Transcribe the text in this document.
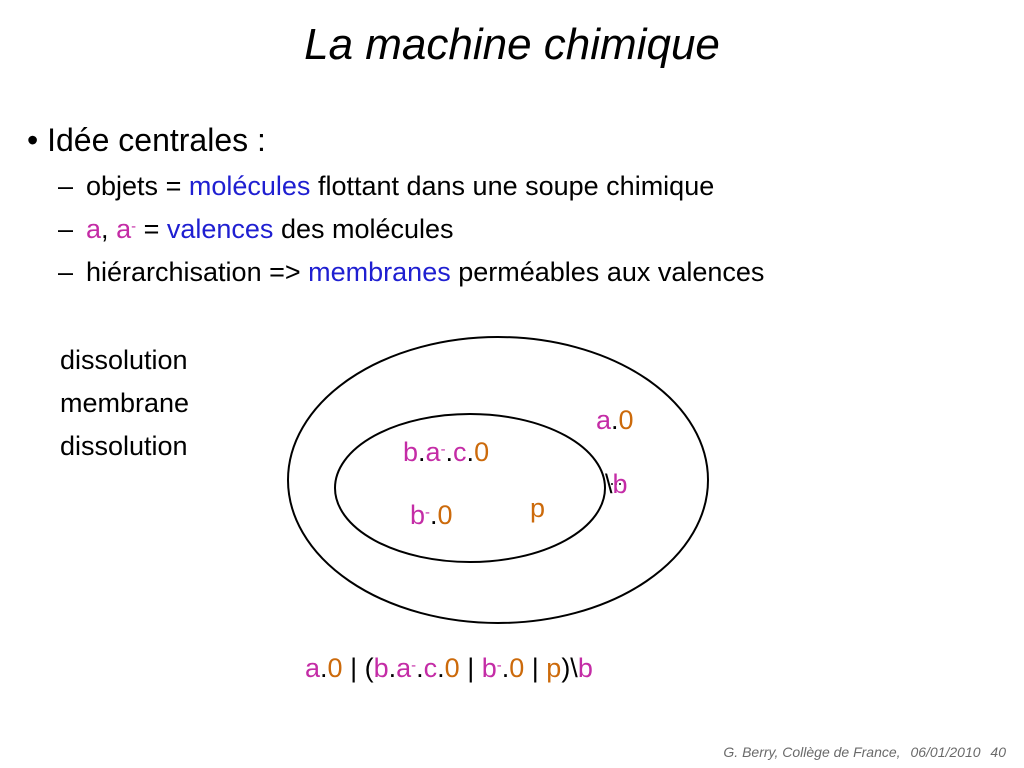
La machine chimique
• Idée centrales :
– objets = molécules flottant dans une soupe chimique
– a, a- = valences des molécules
– hiérarchisation => membranes perméables aux valences
dissolution
membrane
dissolution
a.0
b.a-.c.0
\b
b-.0	p
a.0 | (b.a-.c.0 | b-.0 | p)\b
G. Berry, Collège de France, 06/01/2010 40
